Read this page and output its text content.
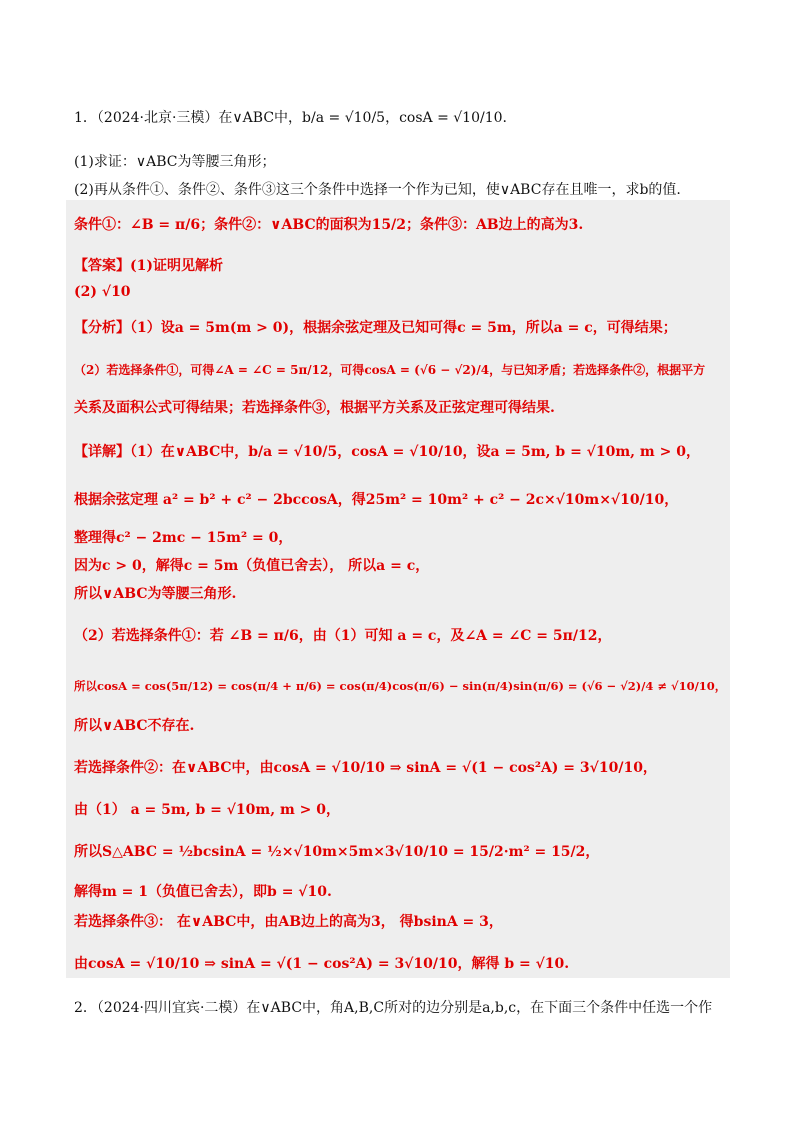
1．（2024·北京·三模）在∨ABC中，b/a = √10/5，cosA = √10/10.
(1)求证：∨ABC为等腰三角形；
(2)再从条件①、条件②、条件③这三个条件中选择一个作为已知，使∨ABC存在且唯一，求b的值.
条件①：∠B = π/6；条件②：∨ABC的面积为15/2；条件③：AB边上的高为3.
【答案】(1)证明见解析
(2) √10
【分析】（1）设a = 5m(m > 0)，根据余弦定理及已知可得c = 5m，所以a = c，可得结果；
（2）若选择条件①，可得∠A = ∠C = 5π/12，可得cosA = (√6 − √2)/4，与已知矛盾；若选择条件②，根据平方
关系及面积公式可得结果；若选择条件③，根据平方关系及正弦定理可得结果.
【详解】（1）在∨ABC中，b/a = √10/5，cosA = √10/10，设a = 5m, b = √10m, m > 0，
根据余弦定理 a² = b² + c² − 2bccosA，得25m² = 10m² + c² − 2c×√10m×√10/10，
整理得c² − 2mc − 15m² = 0，
因为c > 0，解得c = 5m（负值已舍去）， 所以a = c，
所以∨ABC为等腰三角形.
（2）若选择条件①：若 ∠B = π/6，由（1）可知 a = c，及∠A = ∠C = 5π/12，
所以cosA = cos(5π/12) = cos(π/4 + π/6) = cos(π/4)cos(π/6) − sin(π/4)sin(π/6) = (√6 − √2)/4 ≠ √10/10，
所以∨ABC不存在.
若选择条件②：在∨ABC中，由cosA = √10/10 ⇒ sinA = √(1 − cos²A) = 3√10/10，
由（1） a = 5m, b = √10m, m > 0，
所以S△ABC = ½bcsinA = ½×√10m×5m×3√10/10 = 15/2·m² = 15/2，
解得m = 1（负值已舍去），即b = √10.
若选择条件③： 在∨ABC中，由AB边上的高为3， 得bsinA = 3，
由cosA = √10/10 ⇒ sinA = √(1 − cos²A) = 3√10/10，解得 b = √10.
2．（2024·四川宜宾·二模）在∨ABC中，角A,B,C所对的边分别是a,b,c，在下面三个条件中任选一个作
